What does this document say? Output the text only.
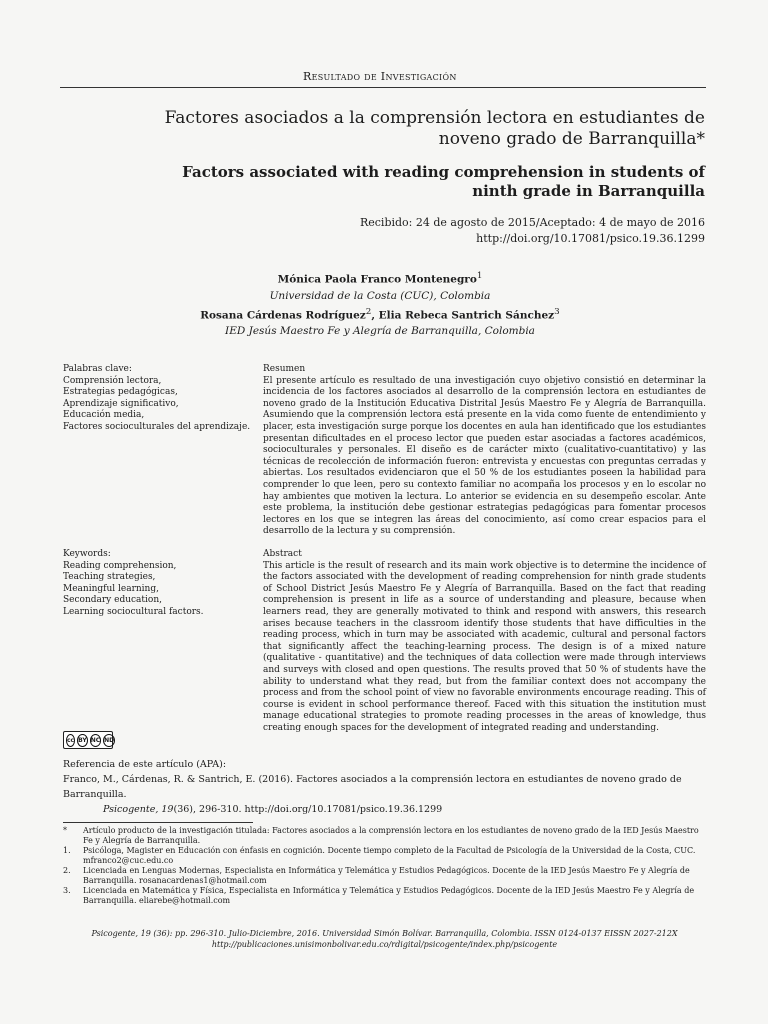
Resultado de Investigación
Factores asociados a la comprensión lectora en estudiantes de noveno grado de Barranquilla*
Factors associated with reading comprehension in students of ninth grade in Barranquilla
Recibido: 24 de agosto de 2015/Aceptado: 4 de mayo de 2016
http://doi.org/10.17081/psico.19.36.1299
Mónica Paola Franco Montenegro$^1$
Universidad de la Costa (CUC), Colombia
Rosana Cárdenas Rodríguez$^2$, Elia Rebeca Santrich Sánchez$^3$
IED Jesús Maestro Fe y Alegría de Barranquilla, Colombia
Palabras clave:
Comprensión lectora,
Estrategias pedagógicas,
Aprendizaje significativo,
Educación media,
Factores socioculturales del aprendizaje.
Resumen
El presente artículo es resultado de una investigación cuyo objetivo consistió en determinar la incidencia de los factores asociados al desarrollo de la comprensión lectora en estudiantes de noveno grado de la Institución Educativa Distrital Jesús Maestro Fe y Alegría de Barranquilla. Asumiendo que la comprensión lectora está presente en la vida como fuente de entendimiento y placer, esta investigación surge porque los docentes en aula han identificado que los estudiantes presentan dificultades en el proceso lector que pueden estar asociadas a factores académicos, socioculturales y personales. El diseño es de carácter mixto (cualitativo-cuantitativo) y las técnicas de recolección de información fueron: entrevista y encuestas con preguntas cerradas y abiertas. Los resultados evidenciaron que el 50 % de los estudiantes poseen la habilidad para comprender lo que leen, pero su contexto familiar no acompaña los procesos y en lo escolar no hay ambientes que motiven la lectura. Lo anterior se evidencia en su desempeño escolar. Ante este problema, la institución debe gestionar estrategias pedagógicas para fomentar procesos lectores en los que se integren las áreas del conocimiento, así como crear espacios para el desarrollo de la lectura y su comprensión.
Keywords:
Reading comprehension,
Teaching strategies,
Meaningful learning,
Secondary education,
Learning sociocultural factors.
Abstract
This article is the result of research and its main work objective is to determine the incidence of the factors associated with the development of reading comprehension for ninth grade students of School District Jesús Maestro Fe y Alegría of Barranquilla. Based on the fact that reading comprehension is present in life as a source of understanding and pleasure, because when learners read, they are generally motivated to think and respond with answers, this research arises because teachers in the classroom identify those students that have difficulties in the reading process, which in turn may be associated with academic, cultural and personal factors that significantly affect the teaching-learning process. The design is of a mixed nature (qualitative - quantitative) and the techniques of data collection were made through interviews and surveys with closed and open questions. The results proved that 50 % of students have the ability to understand what they read, but from the familiar context does not accompany the process and from the school point of view no favorable environments encourage reading. This of course is evident in school performance thereof. Faced with this situation the institution must manage educational strategies to promote reading processes in the areas of knowledge, thus creating enough spaces for the development of integrated reading and understanding.
cc BY NC ND
Referencia de este artículo (APA):
Franco, M., Cárdenas, R. & Santrich, E. (2016). Factores asociados a la comprensión lectora en estudiantes de noveno grado de Barranquilla.
Psicogente, 19(36), 296-310. http://doi.org/10.17081/psico.19.36.1299
*	Artículo producto de la investigación titulada: Factores asociados a la comprensión lectora en los estudiantes de noveno grado de la IED Jesús Maestro Fe y Alegría de Barranquilla.
1.	Psicóloga, Magister en Educación con énfasis en cognición. Docente tiempo completo de la Facultad de Psicología de la Universidad de la Costa, CUC. mfranco2@cuc.edu.co
2.	Licenciada en Lenguas Modernas, Especialista en Informática y Telemática y Estudios Pedagógicos. Docente de la IED Jesús Maestro Fe y Alegría de Barranquilla. rosanacardenas1@hotmail.com
3.	Licenciada en Matemática y Física, Especialista en Informática y Telemática y Estudios Pedagógicos. Docente de la IED Jesús Maestro Fe y Alegría de Barranquilla. eliarebe@hotmail.com
Psicogente, 19 (36): pp. 296-310. Julio-Diciembre, 2016. Universidad Simón Bolívar. Barranquilla, Colombia. ISSN 0124-0137 EISSN 2027-212X
http://publicaciones.unisimonbolivar.edu.co/rdigital/psicogente/index.php/psicogente
